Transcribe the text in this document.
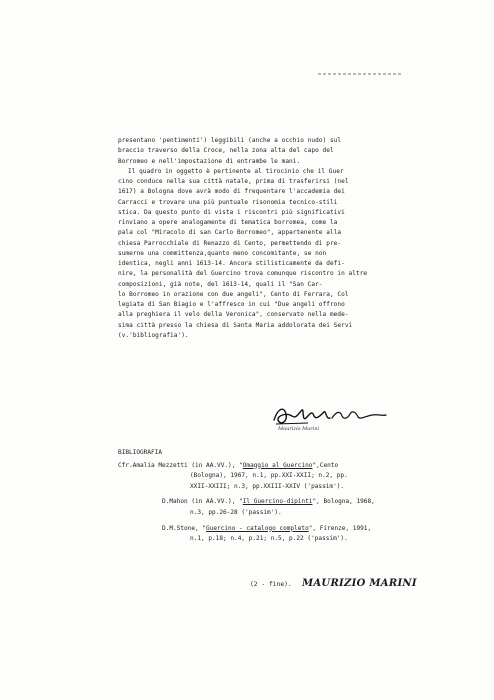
presentano 'pentimenti') leggibili (anche a occhio nudo) sul
braccio traverso della Croce, nella zona alta del capo del
Borromeo e nell'impostazione di entrambe le mani.
Il quadro in oggetto è pertinente al tirocinio che il Guer
cino conduce nella sua città natale, prima di trasferirsi (nel
1617) a Bologna dove avrà modo di frequentare l'accademia dei
Carracci e trovare una più puntuale risonomia tecnico-stili
stica. Da questo punto di vista i riscontri più significativi
rinviano a opere analogamente di tematica borromea, come la
pala col "Miracolo di san Carlo Borromeo", appartenente alla
chiesa Parrocchiale di Renazzo di Cento, permettendo di pre-
sumerne una committenza,quanto meno concomitante, se non
identica, negli anni 1613-14. Ancora stilisticamente da defi-
nire, la personalità del Guercino trova comunque riscontro in altre
composizioni, già note, del 1613-14, quali il "San Car-
lo Borromeo in orazione con due angeli", Cento di Ferrara, Col
legiata di San Biagio e l'affresco in cui "Due angeli offrono
alla preghiera il velo della Veronica", conservato nella mede-
sima città presso la chiesa di Santa Maria addolorata dei Servi
(v.'bibliografia').
Maurizio Marini
BIBLIOGRAFIA
Cfr.Amalia Mezzetti (in AA.VV.), "Omaggio al Guercino",Cento
(Bologna), 1967, n.1, pp.XXI-XXII; n.2, pp.
XXII-XXIII; n.3, pp.XXIII-XXIV ('passim').
D.Mahon (in AA.VV.), "Il Guercino-dipinti", Bologna, 1968,
n.3, pp.26-28 ('passim').
D.M.Stone, "Guercino - catalogo completo", Firenze, 1991,
n.1, p.18; n.4, p.21; n.5, p.22 ('passim').
(2 - fine). MAURIZIO MARINI
